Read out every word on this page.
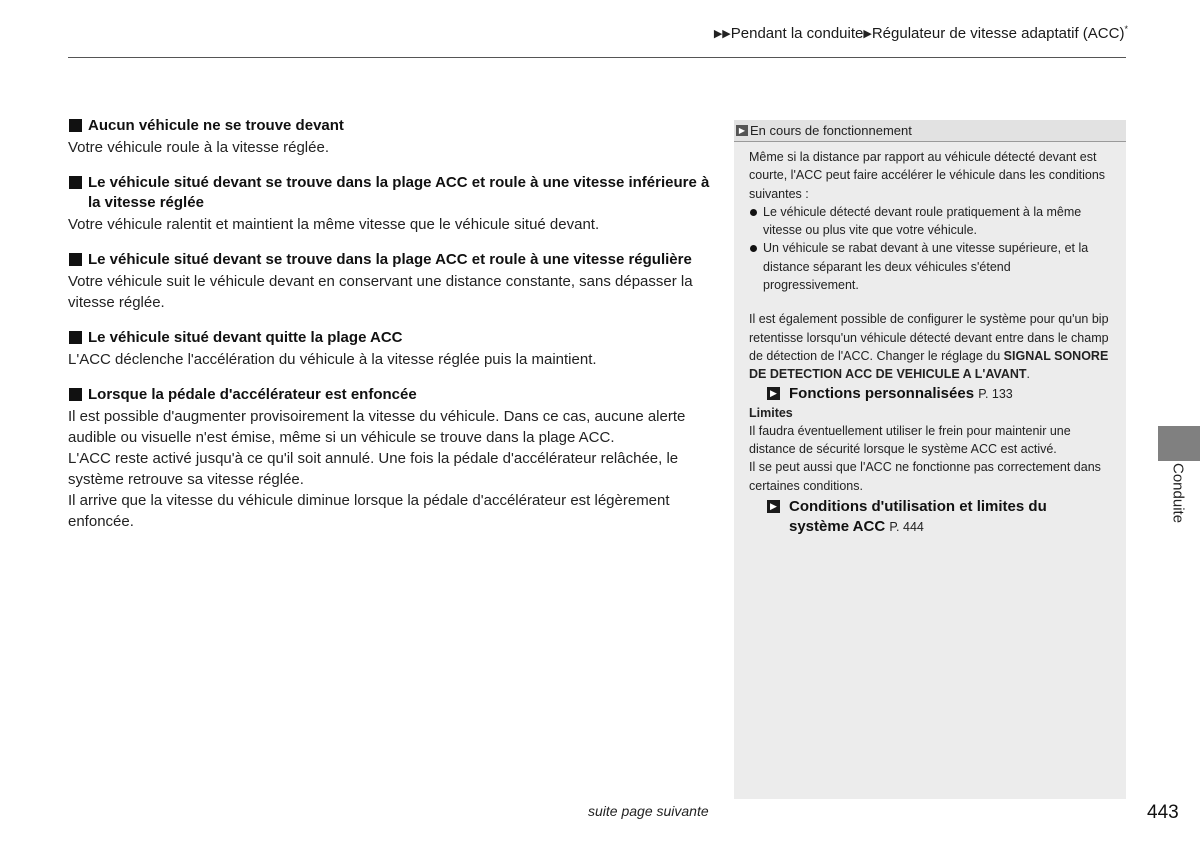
▶▶Pendant la conduite▶Régulateur de vitesse adaptatif (ACC)*
Aucun véhicule ne se trouve devant

Votre véhicule roule à la vitesse réglée.

Le véhicule situé devant se trouve dans la plage ACC et roule à une vitesse inférieure à la vitesse réglée

Votre véhicule ralentit et maintient la même vitesse que le véhicule situé devant.

Le véhicule situé devant se trouve dans la plage ACC et roule à une vitesse régulière

Votre véhicule suit le véhicule devant en conservant une distance constante, sans dépasser la vitesse réglée.

Le véhicule situé devant quitte la plage ACC

L'ACC déclenche l'accélération du véhicule à la vitesse réglée puis la maintient.

Lorsque la pédale d'accélérateur est enfoncée

Il est possible d'augmenter provisoirement la vitesse du véhicule. Dans ce cas, aucune alerte audible ou visuelle n'est émise, même si un véhicule se trouve dans la plage ACC.

L'ACC reste activé jusqu'à ce qu'il soit annulé. Une fois la pédale d'accélérateur relâchée, le système retrouve sa vitesse réglée.

Il arrive que la vitesse du véhicule diminue lorsque la pédale d'accélérateur est légèrement enfoncée.

▶ En cours de fonctionnement

Même si la distance par rapport au véhicule détecté devant est courte, l'ACC peut faire accélérer le véhicule dans les conditions suivantes :

Le véhicule détecté devant roule pratiquement à la même vitesse ou plus vite que votre véhicule.
Un véhicule se rabat devant à une vitesse supérieure, et la distance séparant les deux véhicules s'étend progressivement.

Il est également possible de configurer le système pour qu'un bip retentisse lorsqu'un véhicule détecté devant entre dans le champ de détection de l'ACC. Changer le réglage du SIGNAL SONORE DE DETECTION ACC DE VEHICULE A L'AVANT.

▶ Fonctions personnalisées P. 133

Limites

Il faudra éventuellement utiliser le frein pour maintenir une distance de sécurité lorsque le système ACC est activé.

Il se peut aussi que l'ACC ne fonctionne pas correctement dans certaines conditions.

▶ Conditions d'utilisation et limites du
système ACC P. 444
Conduite
suite page suivante	443
